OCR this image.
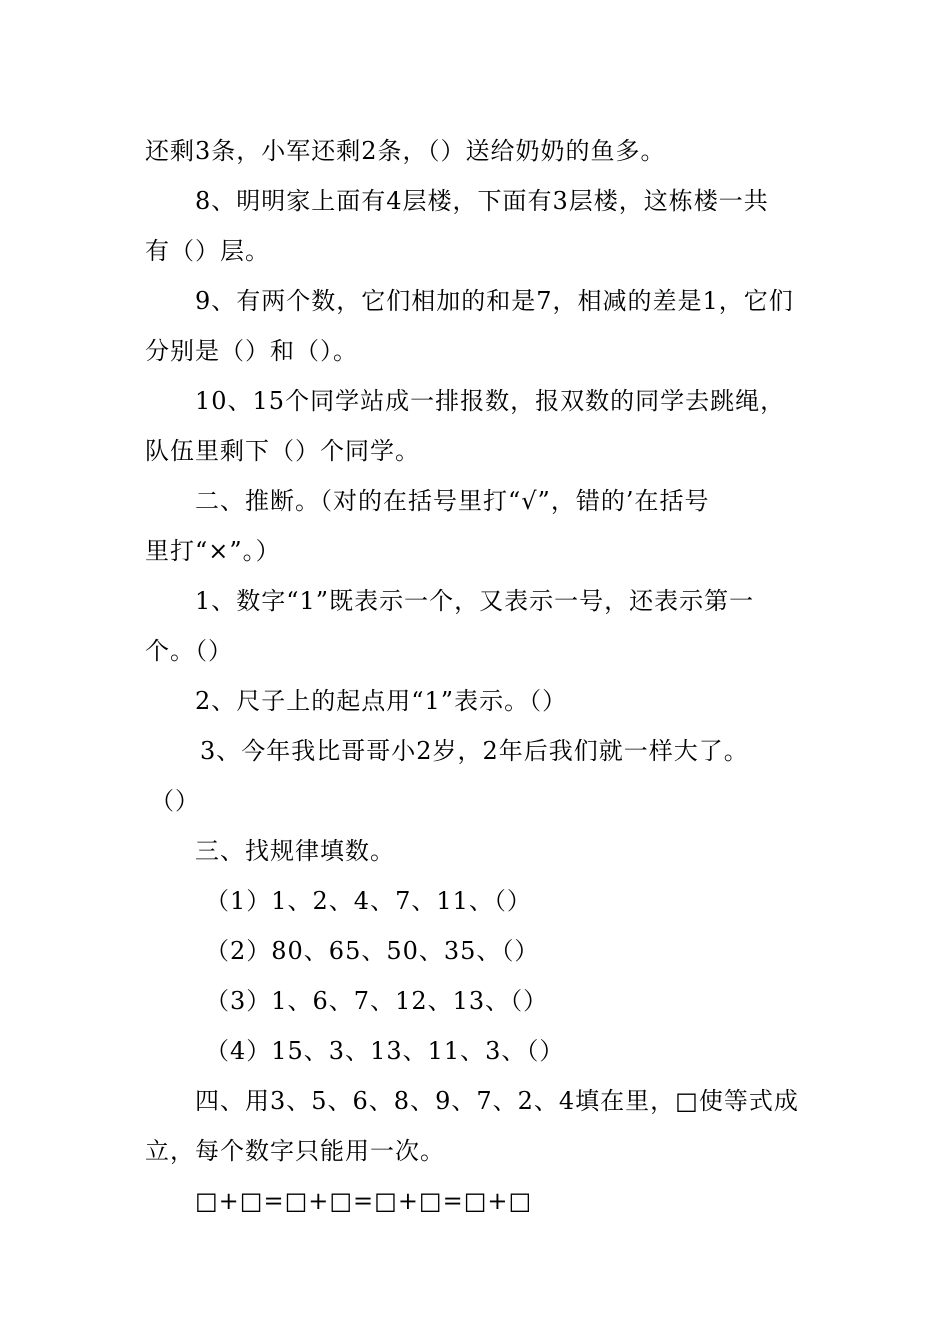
还剩3条，小军还剩2条，（）送给奶奶的鱼多。
8、明明家上面有4层楼，下面有3层楼，这栋楼一共
有（）层。
9、有两个数，它们相加的和是7，相减的差是1，它们
分别是（）和（）。
10、15个同学站成一排报数，报双数的同学去跳绳，
队伍里剩下（）个同学。
二、推断。（对的在括号里打“√”，错的’在括号
里打“×”。）
1、数字“1”既表示一个，又表示一号，还表示第一
个。（）
2、尺子上的起点用“1”表示。（）
3、今年我比哥哥小2岁，2年后我们就一样大了。
（）
三、找规律填数。
（1）1、2、4、7、11、（）
（2）80、65、50、35、（）
（3）1、6、7、12、13、（）
（4）15、3、13、11、3、（）
四、用3、5、6、8、9、7、2、4填在里，□使等式成
立，每个数字只能用一次。
□+□=□+□=□+□=□+□
